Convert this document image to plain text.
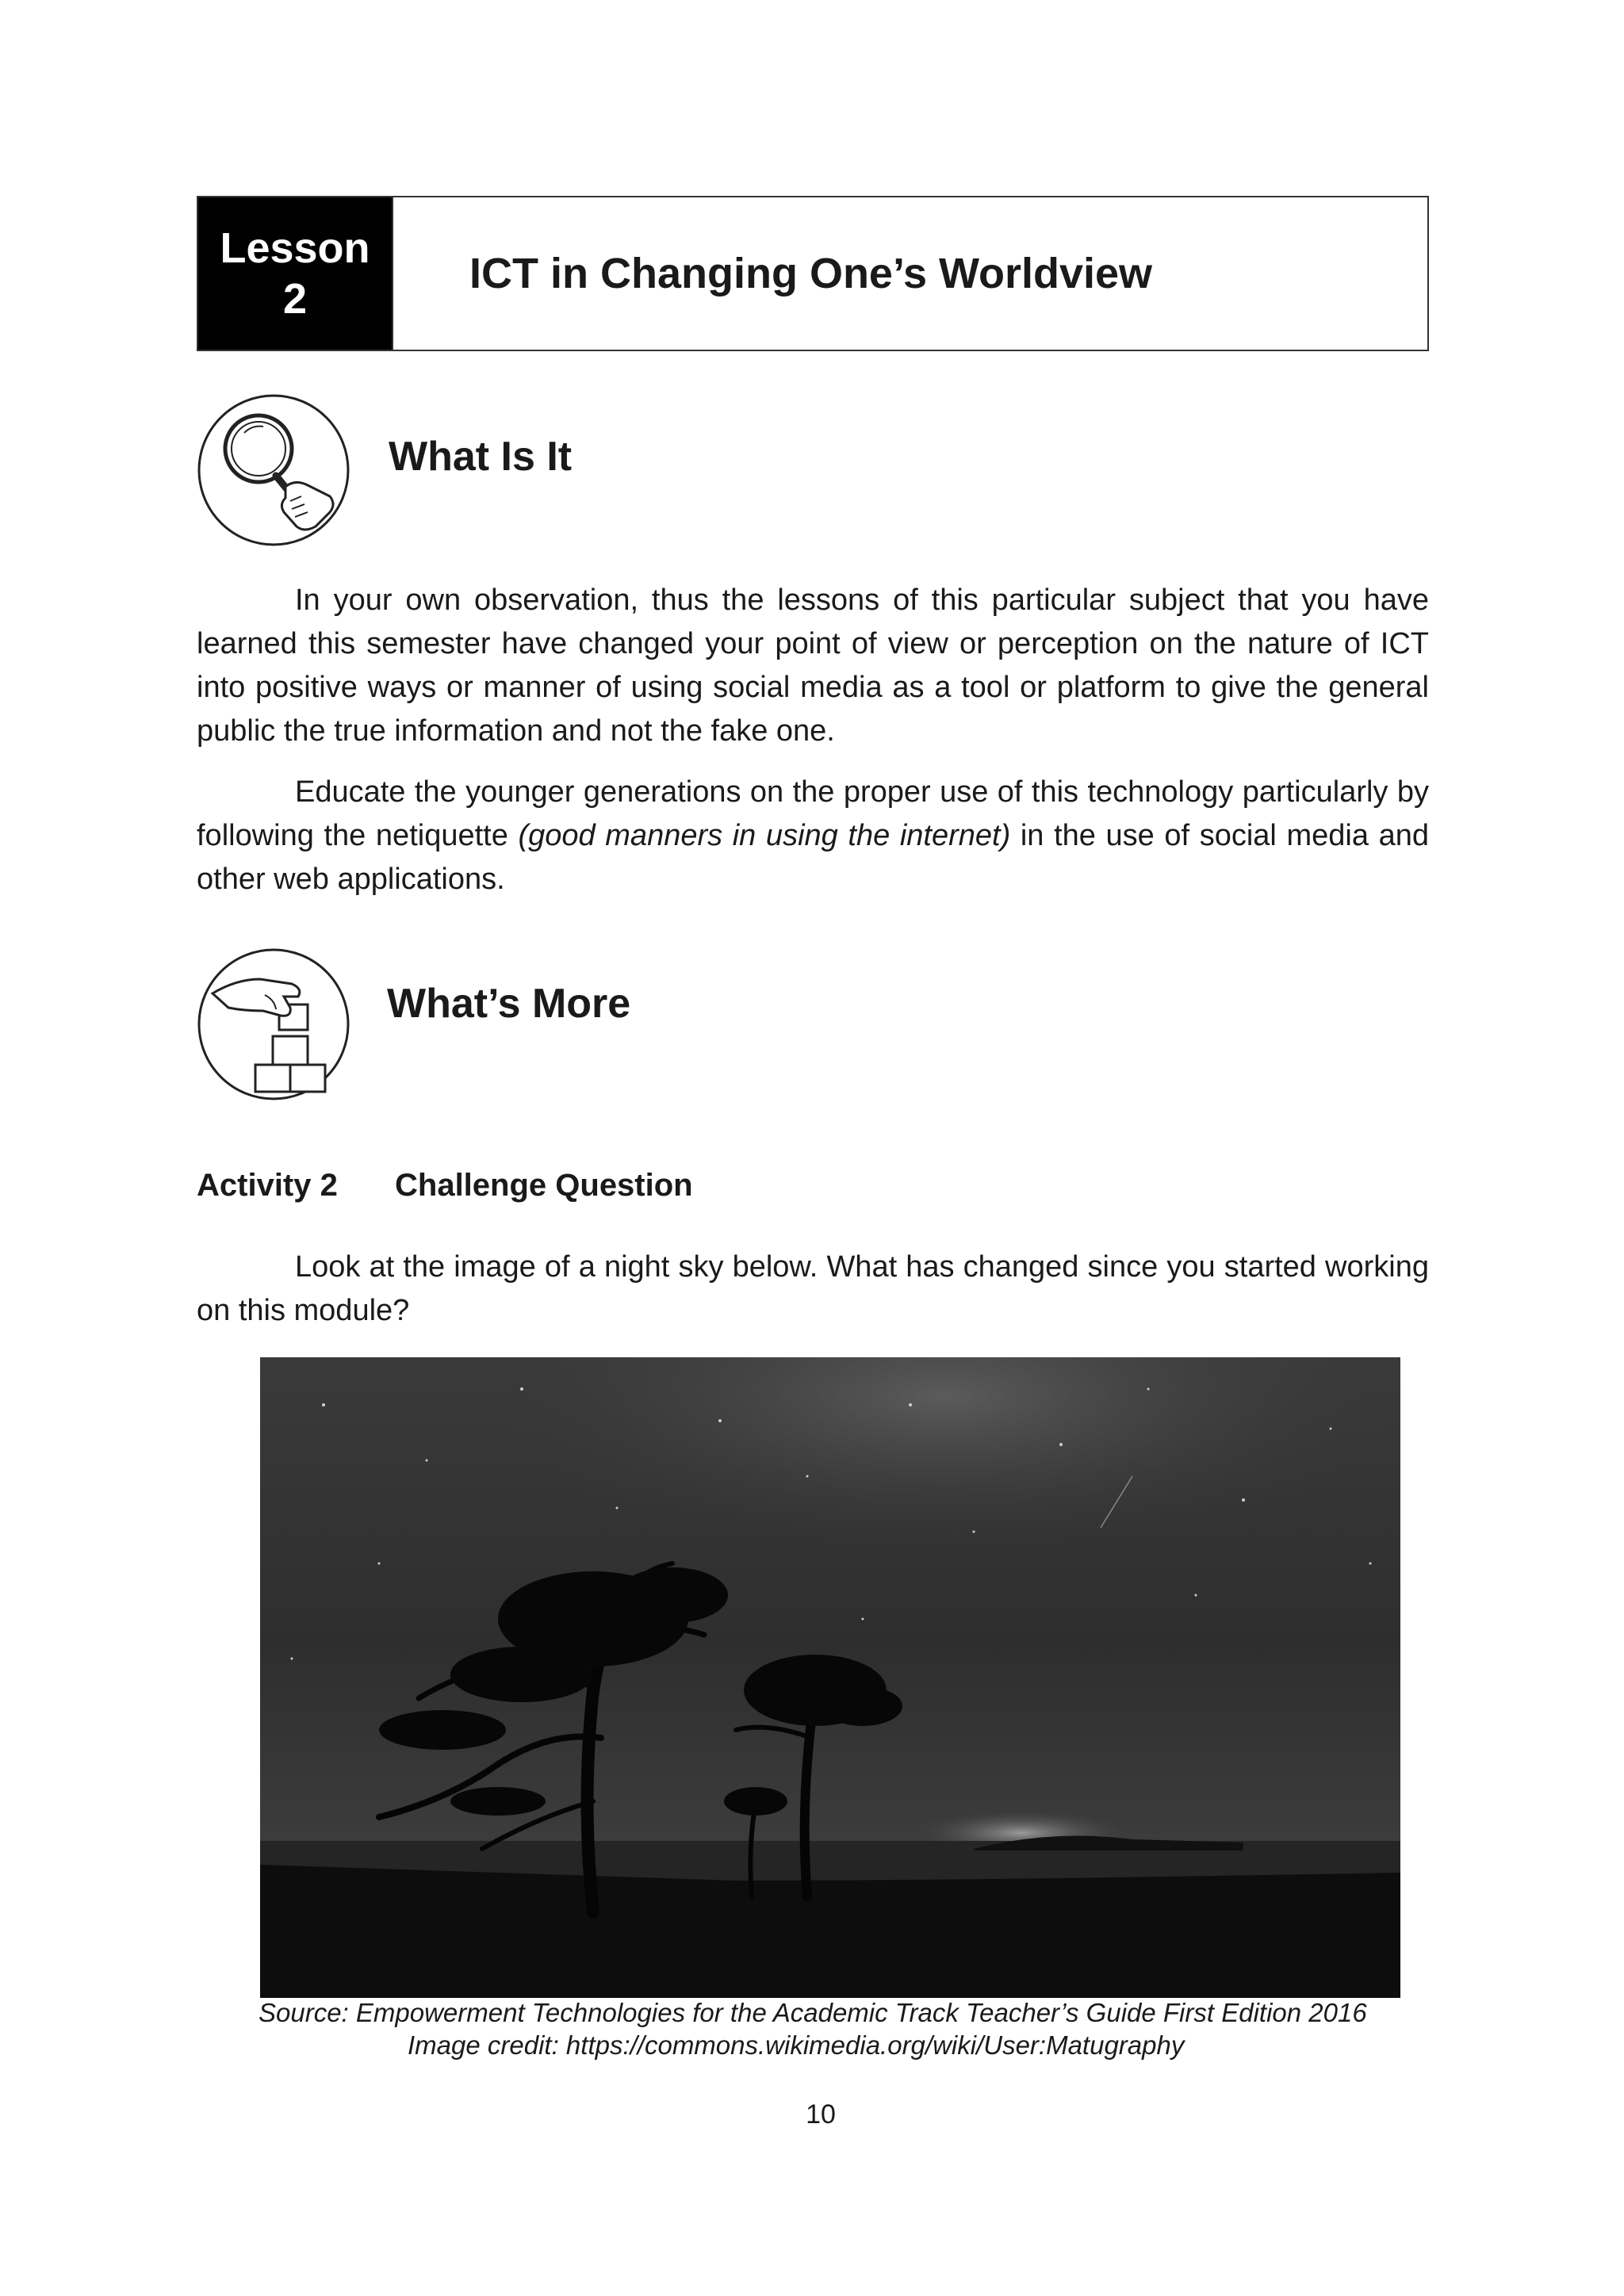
Lesson
2
ICT in Changing One’s Worldview
What Is It

In your own observation, thus the lessons of this particular subject that you have learned this semester have changed your point of view or perception on the nature of ICT into positive ways or manner of using social media as a tool or platform to give the general public the true information and not the fake one.

Educate the younger generations on the proper use of this technology particularly by following the netiquette (good manners in using the internet) in the use of social media and other web applications.

What’s More
Activity 2	Challenge Question

Look at the image of a night sky below. What has changed since you started working on this module?

Source: Empowerment Technologies for the Academic Track Teacher’s Guide First Edition 2016

Image credit: https://commons.wikimedia.org/wiki/User:Matugraphy

10
